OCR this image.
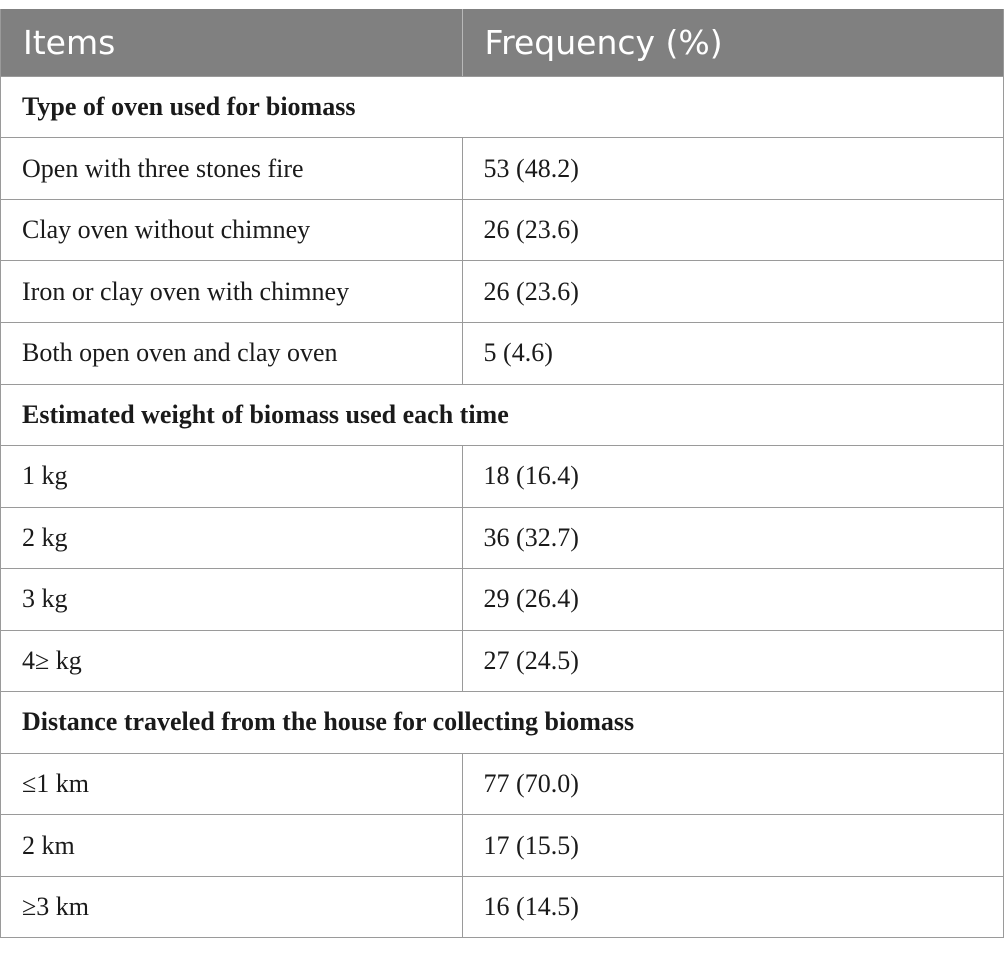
Items	Frequency (%)
Type of oven used for biomass
Open with three stones fire	53 (48.2)
Clay oven without chimney	26 (23.6)
Iron or clay oven with chimney	26 (23.6)
Both open oven and clay oven	5 (4.6)
Estimated weight of biomass used each time
1 kg	18 (16.4)
2 kg	36 (32.7)
3 kg	29 (26.4)
4≥ kg	27 (24.5)
Distance traveled from the house for collecting biomass
≤1 km	77 (70.0)
2 km	17 (15.5)
≥3 km	16 (14.5)
